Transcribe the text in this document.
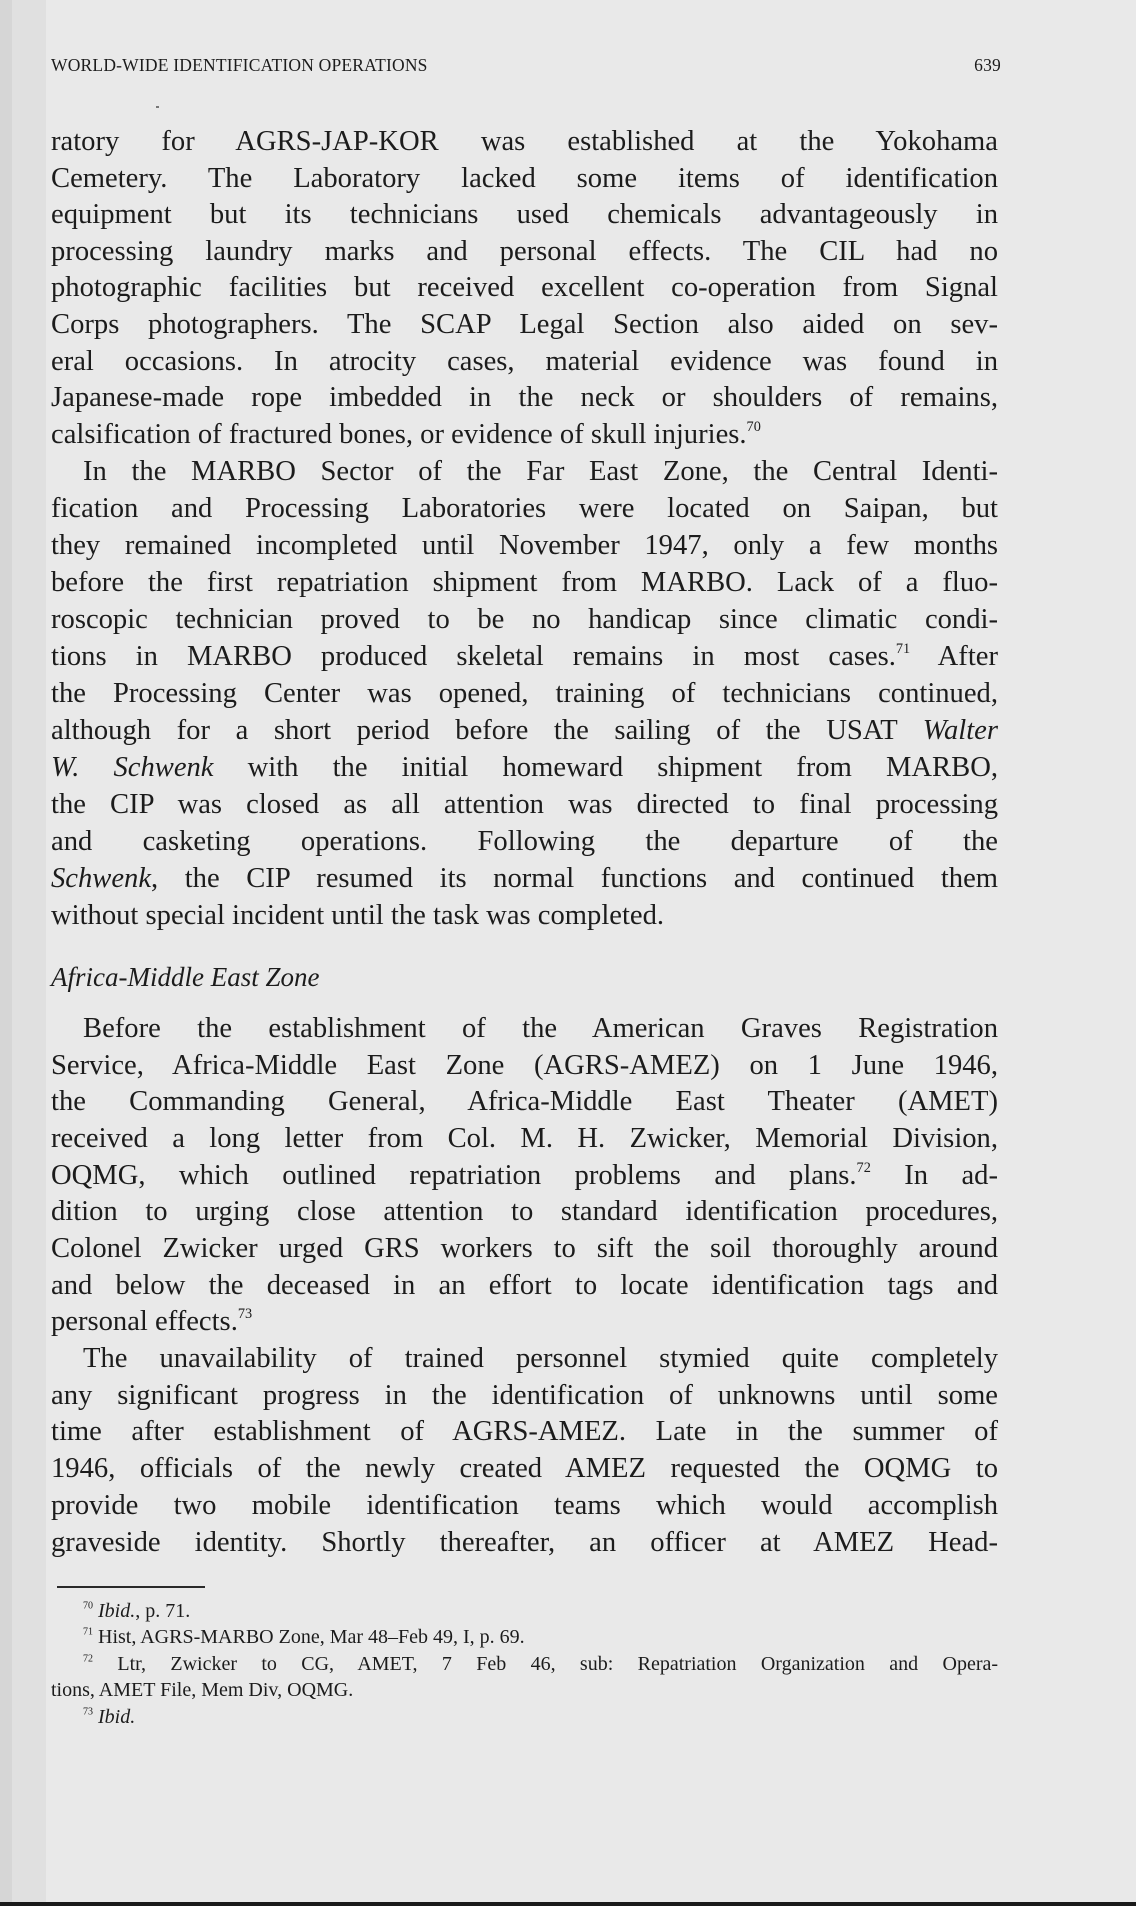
WORLD-WIDE IDENTIFICATION OPERATIONS	639
ratory for AGRS-JAP-KOR was established at the Yokohama
Cemetery. The Laboratory lacked some items of identification
equipment but its technicians used chemicals advantageously in
processing laundry marks and personal effects. The CIL had no
photographic facilities but received excellent co-operation from Signal
Corps photographers. The SCAP Legal Section also aided on sev-
eral occasions. In atrocity cases, material evidence was found in
Japanese-made rope imbedded in the neck or shoulders of remains,
calsification of fractured bones, or evidence of skull injuries.$^{70}$
In the MARBO Sector of the Far East Zone, the Central Identi-
fication and Processing Laboratories were located on Saipan, but
they remained incompleted until November 1947, only a few months
before the first repatriation shipment from MARBO. Lack of a fluo-
roscopic technician proved to be no handicap since climatic condi-
tions in MARBO produced skeletal remains in most cases.$^{71}$ After
the Processing Center was opened, training of technicians continued,
although for a short period before the sailing of the USAT Walter
W. Schwenk with the initial homeward shipment from MARBO,
the CIP was closed as all attention was directed to final processing
and casketing operations. Following the departure of the
Schwenk, the CIP resumed its normal functions and continued them
without special incident until the task was completed.
Africa-Middle East Zone
Before the establishment of the American Graves Registration
Service, Africa-Middle East Zone (AGRS-AMEZ) on 1 June 1946,
the Commanding General, Africa-Middle East Theater (AMET)
received a long letter from Col. M. H. Zwicker, Memorial Division,
OQMG, which outlined repatriation problems and plans.$^{72}$ In ad-
dition to urging close attention to standard identification procedures,
Colonel Zwicker urged GRS workers to sift the soil thoroughly around
and below the deceased in an effort to locate identification tags and
personal effects.$^{73}$
The unavailability of trained personnel stymied quite completely
any significant progress in the identification of unknowns until some
time after establishment of AGRS-AMEZ. Late in the summer of
1946, officials of the newly created AMEZ requested the OQMG to
provide two mobile identification teams which would accomplish
graveside identity. Shortly thereafter, an officer at AMEZ Head-
$^{70}$ Ibid., p. 71.
$^{71}$ Hist, AGRS-MARBO Zone, Mar 48–Feb 49, I, p. 69.
$^{72}$ Ltr, Zwicker to CG, AMET, 7 Feb 46, sub: Repatriation Organization and Opera-
tions, AMET File, Mem Div, OQMG.
$^{73}$ Ibid.
